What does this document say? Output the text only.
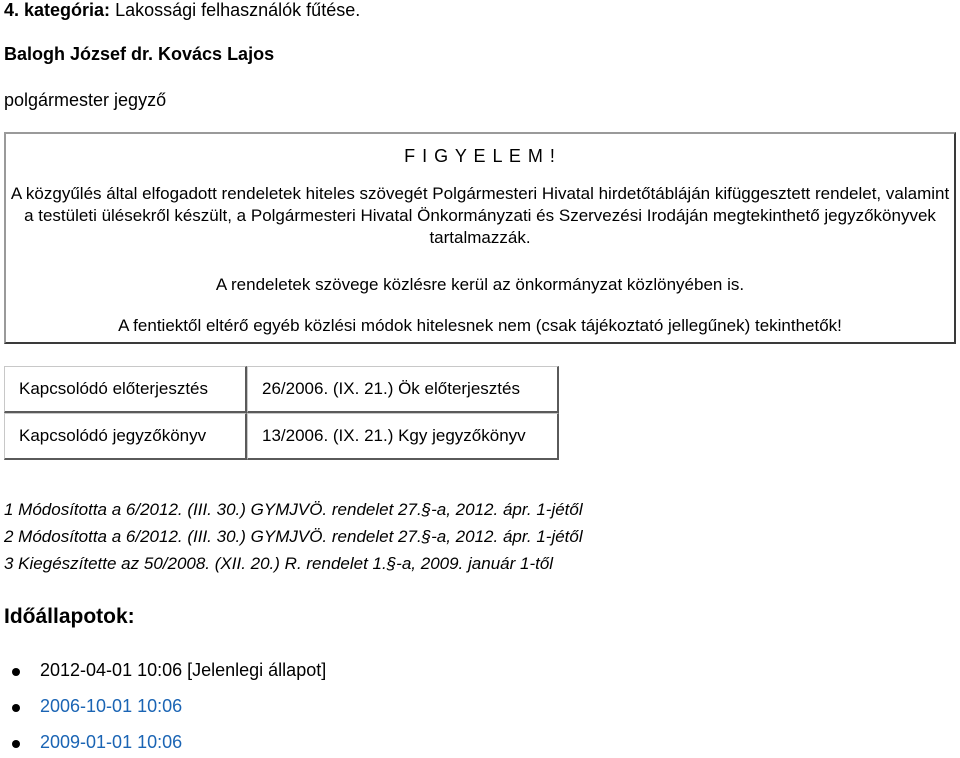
4. kategória: Lakossági felhasználók fűtése.
Balogh József dr. Kovács Lajos
polgármester jegyző
F I G Y E L E M !
A közgyűlés által elfogadott rendeletek hiteles szövegét Polgármesteri Hivatal hirdetőtábláján kifüggesztett rendelet, valamint a testületi ülésekről készült, a Polgármesteri Hivatal Önkormányzati és Szervezési Irodáján megtekinthető jegyzőkönyvek tartalmazzák.
A rendeletek szövege közlésre kerül az önkormányzat közlönyében is.
A fentiektől eltérő egyéb közlési módok hitelesnek nem (csak tájékoztató jellegűnek) tekinthetők!
Kapcsolódó előterjesztés	26/2006. (IX. 21.) Ök előterjesztés
Kapcsolódó jegyzőkönyv	13/2006. (IX. 21.) Kgy jegyzőkönyv
1 Módosította a 6/2012. (III. 30.) GYMJVÖ. rendelet 27.§-a, 2012. ápr. 1-jétől
2 Módosította a 6/2012. (III. 30.) GYMJVÖ. rendelet 27.§-a, 2012. ápr. 1-jétől
3 Kiegészítette az 50/2008. (XII. 20.) R. rendelet 1.§-a, 2009. január 1-től
Időállapotok:
2012-04-01 10:06 [Jelenlegi állapot]
2006-10-01 10:06
2009-01-01 10:06
